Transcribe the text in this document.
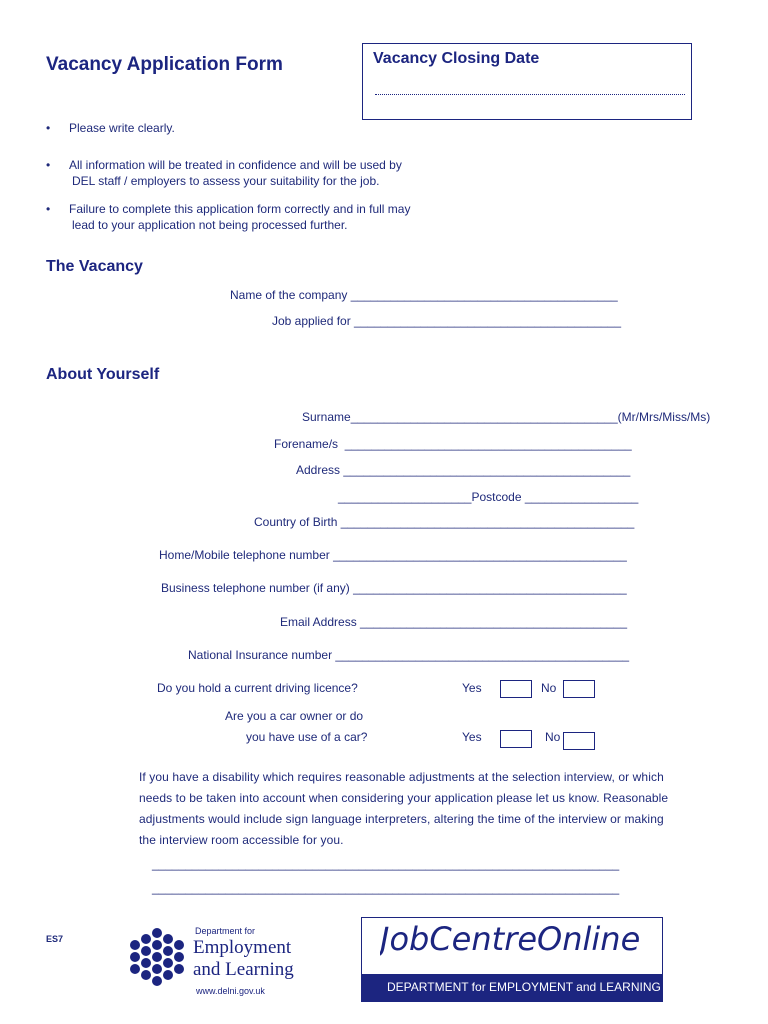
Vacancy Application Form	Vacancy Closing Date
• Please write clearly.
• All information will be treated in confidence and will be used by
DEL staff / employers to assess your suitability for the job.
• Failure to complete this application form correctly and in full may
lead to your application not being processed further.
The Vacancy
Name of the company ________________________________________
Job applied for ________________________________________
About Yourself
Surname________________________________________(Mr/Mrs/Miss/Ms)
Forename/s  ___________________________________________
Address ___________________________________________
____________________Postcode _________________
Country of Birth ____________________________________________
Home/Mobile telephone number ____________________________________________
Business telephone number (if any) _________________________________________
Email Address ________________________________________
National Insurance number ____________________________________________
Do you hold a current driving licence?	Yes	No
Are you a car owner or do
you have use of a car?	Yes	No
If you have a disability which requires reasonable adjustments at the selection interview, or which needs to be taken into account when considering your application please let us know. Reasonable adjustments would include sign language interpreters, altering the time of the interview or making the interview room accessible for you.
______________________________________________________________________
______________________________________________________________________
ES7
Department for
Employment
and Learning
www.delni.gov.uk
JobCentreOnline
DEPARTMENT for EMPLOYMENT and LEARNING
